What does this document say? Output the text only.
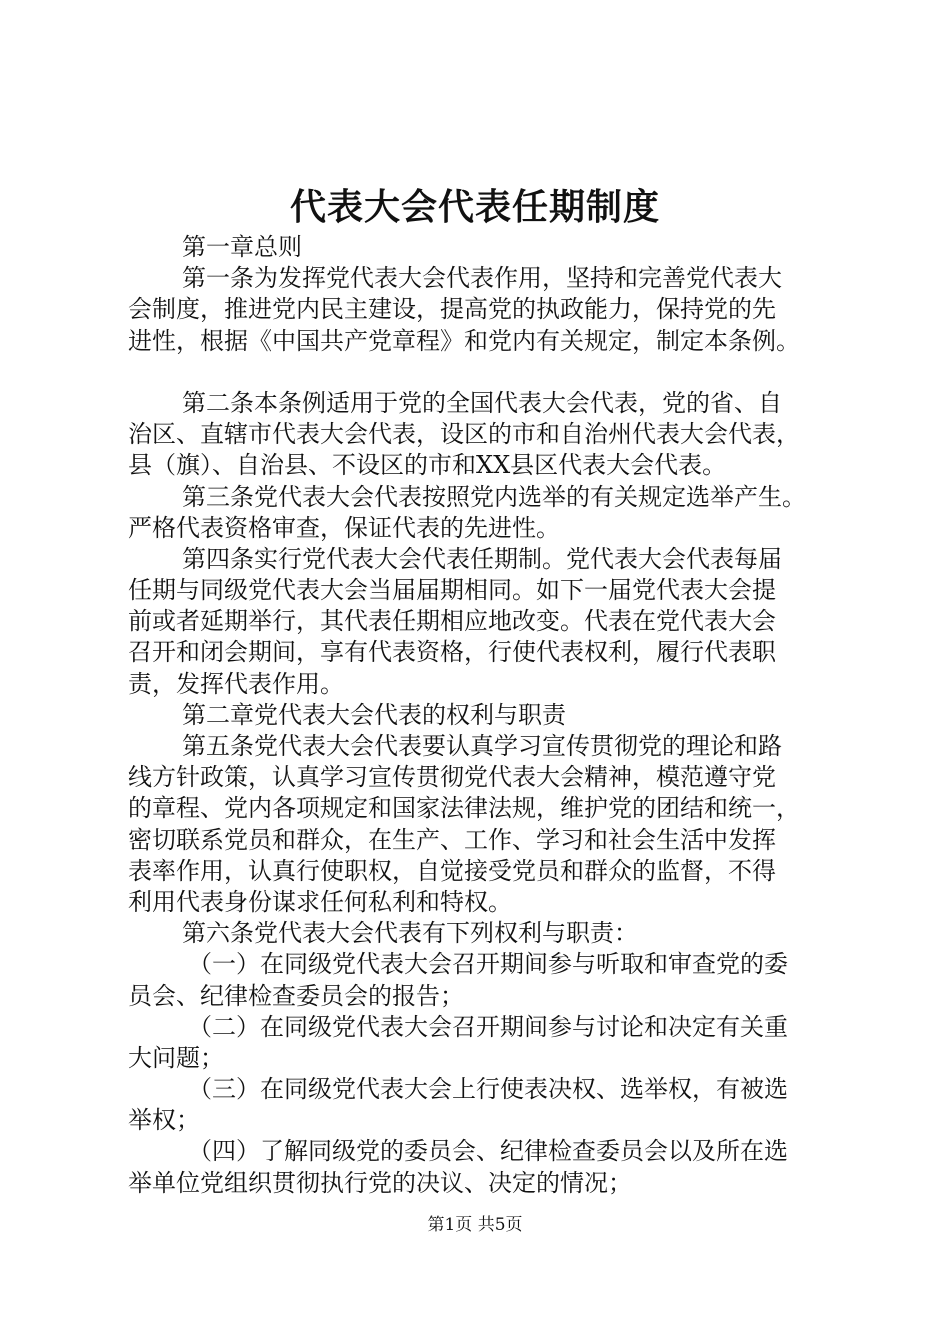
代表大会代表任期制度
第一章总则
第一条为发挥党代表大会代表作用，坚持和完善党代表大
会制度，推进党内民主建设，提高党的执政能力，保持党的先
进性，根据《中国共产党章程》和党内有关规定，制定本条例。
第二条本条例适用于党的全国代表大会代表，党的省、自
治区、直辖市代表大会代表，设区的市和自治州代表大会代表，
县（旗）、自治县、不设区的市和XX县区代表大会代表。
第三条党代表大会代表按照党内选举的有关规定选举产生。
严格代表资格审查，保证代表的先进性。
第四条实行党代表大会代表任期制。党代表大会代表每届
任期与同级党代表大会当届届期相同。如下一届党代表大会提
前或者延期举行，其代表任期相应地改变。代表在党代表大会
召开和闭会期间，享有代表资格，行使代表权利，履行代表职
责，发挥代表作用。
第二章党代表大会代表的权利与职责
第五条党代表大会代表要认真学习宣传贯彻党的理论和路
线方针政策，认真学习宣传贯彻党代表大会精神，模范遵守党
的章程、党内各项规定和国家法律法规，维护党的团结和统一，
密切联系党员和群众，在生产、工作、学习和社会生活中发挥
表率作用，认真行使职权，自觉接受党员和群众的监督，不得
利用代表身份谋求任何私利和特权。
第六条党代表大会代表有下列权利与职责：
（一）在同级党代表大会召开期间参与听取和审查党的委
员会、纪律检查委员会的报告；
（二）在同级党代表大会召开期间参与讨论和决定有关重
大问题；
（三）在同级党代表大会上行使表决权、选举权，有被选
举权；
（四）了解同级党的委员会、纪律检查委员会以及所在选
举单位党组织贯彻执行党的决议、决定的情况；
第1页 共5页
